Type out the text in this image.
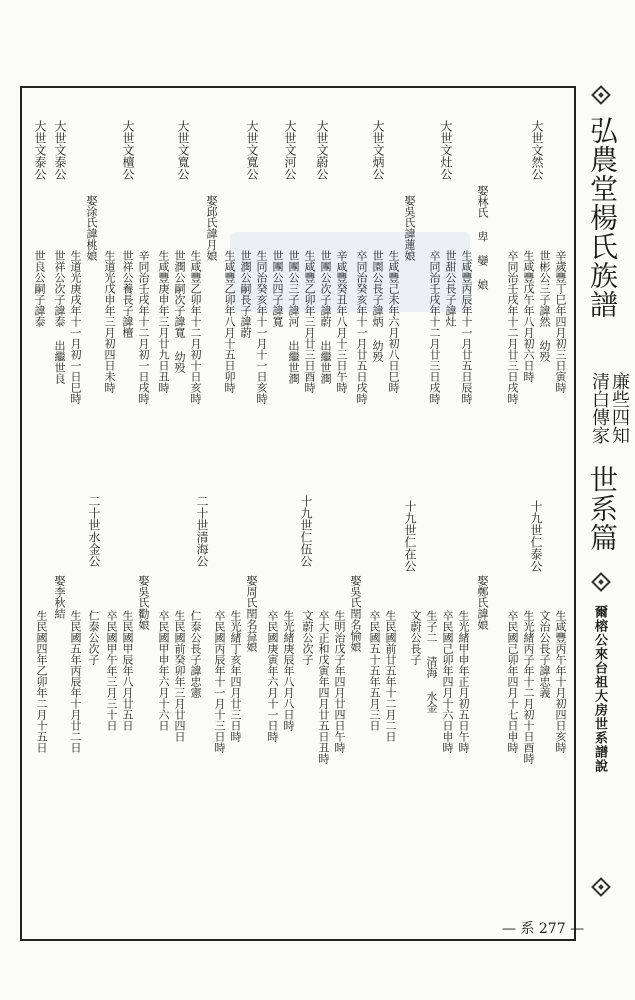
弘農堂楊氏族譜
清白傳家 廉些四知
世系篇
爾榕公來台祖大房世系譜說
辛歲豐丁巳年四月初三日寅時
世彬公三子諱然 幼殁
生咸豐戊午年八月初六日時
卒同治壬戌年十二月廿三日戌時
大世文然公
娶林氏 卑 孌 娘
生咸豐丙辰年十一月廿五日辰時
世甜公長子諱灶
卒同治壬戌年十二月廿三日戌時
大世文灶公
娶吳氏諱蓮娘
生咸豐己未年六月初八日巳時
世園公長子諱炳 幼殁
卒同治癸亥年十一月廿五日戌時
大世文炳公
辛咸豐癸丑年八月十三日午時
世團公次子諱蔚 出繼世潤
生咸豐乙卯年三月廿三日酉時
大世文蔚公
大世文河公
世團公三子諱河 出繼世潤
世團公四子諱寬
大世文寬公
生同治癸亥年十一月十一日亥時
世潤公嗣長子諱蔚
生咸豐乙卯年八月十五日卯時
娶邱氏諱月娘
生咸豐乙卯年十二月初十日亥時
世潤公嗣次子諱寬 幼殁
生咸豐庚申年三月廿九日丑時
大世文寬公
辛同治壬戌年十二月初一日戌時
世祥公養長子諱檀
大世文檀公
生道光戊申年三月初四日未時
娶涂氏諱桃娘
生道光庚戌年十一月初一日巳時
大世文泰公
世祥公次子諱泰 出繼世良
大世文泰公
世良公嗣子諱泰
十九世仁泰公
生咸豐丙午年十月初四日亥時
文治公長子諱忠義
生光緒丙子年十二月初十日酉時
卒民國己卯年四月十七日申時
娶鄭氏諱娘
生光緒甲申年正月初五日午時
卒民國己卯年四月十六日申時
生子二 清海 水金
文蔚公長子
十九世仁在公
生民國前廿五年十二月二日
卒民國五十五年五月三日
娶吳氏閏名愉娘
生明治戊子年四月廿四日午時
卒大正和戊寅年四月廿五日丑時
文蔚公次子
十九世仁伍公
生光緒庚辰年八月八日時
卒民國庚寅年六月十一日時
娶周氏閏名益娘
生光緒丁亥年四月廿三日時
卒民國丙辰年十一月十三日時
二十世清海公
仁泰公長子諱忠憲
生民國前癸卯年三月廿四日
卒民國甲申年六月十六日
娶吳氏勸娘
生民國甲辰年八月廿五日
卒民國甲午年三月三十日
二十世水金公
仁泰公次子
生民國五年丙辰年十月廿二日
娶李秋結
生民國四年乙卯年二月十五日
— 系 277 —
